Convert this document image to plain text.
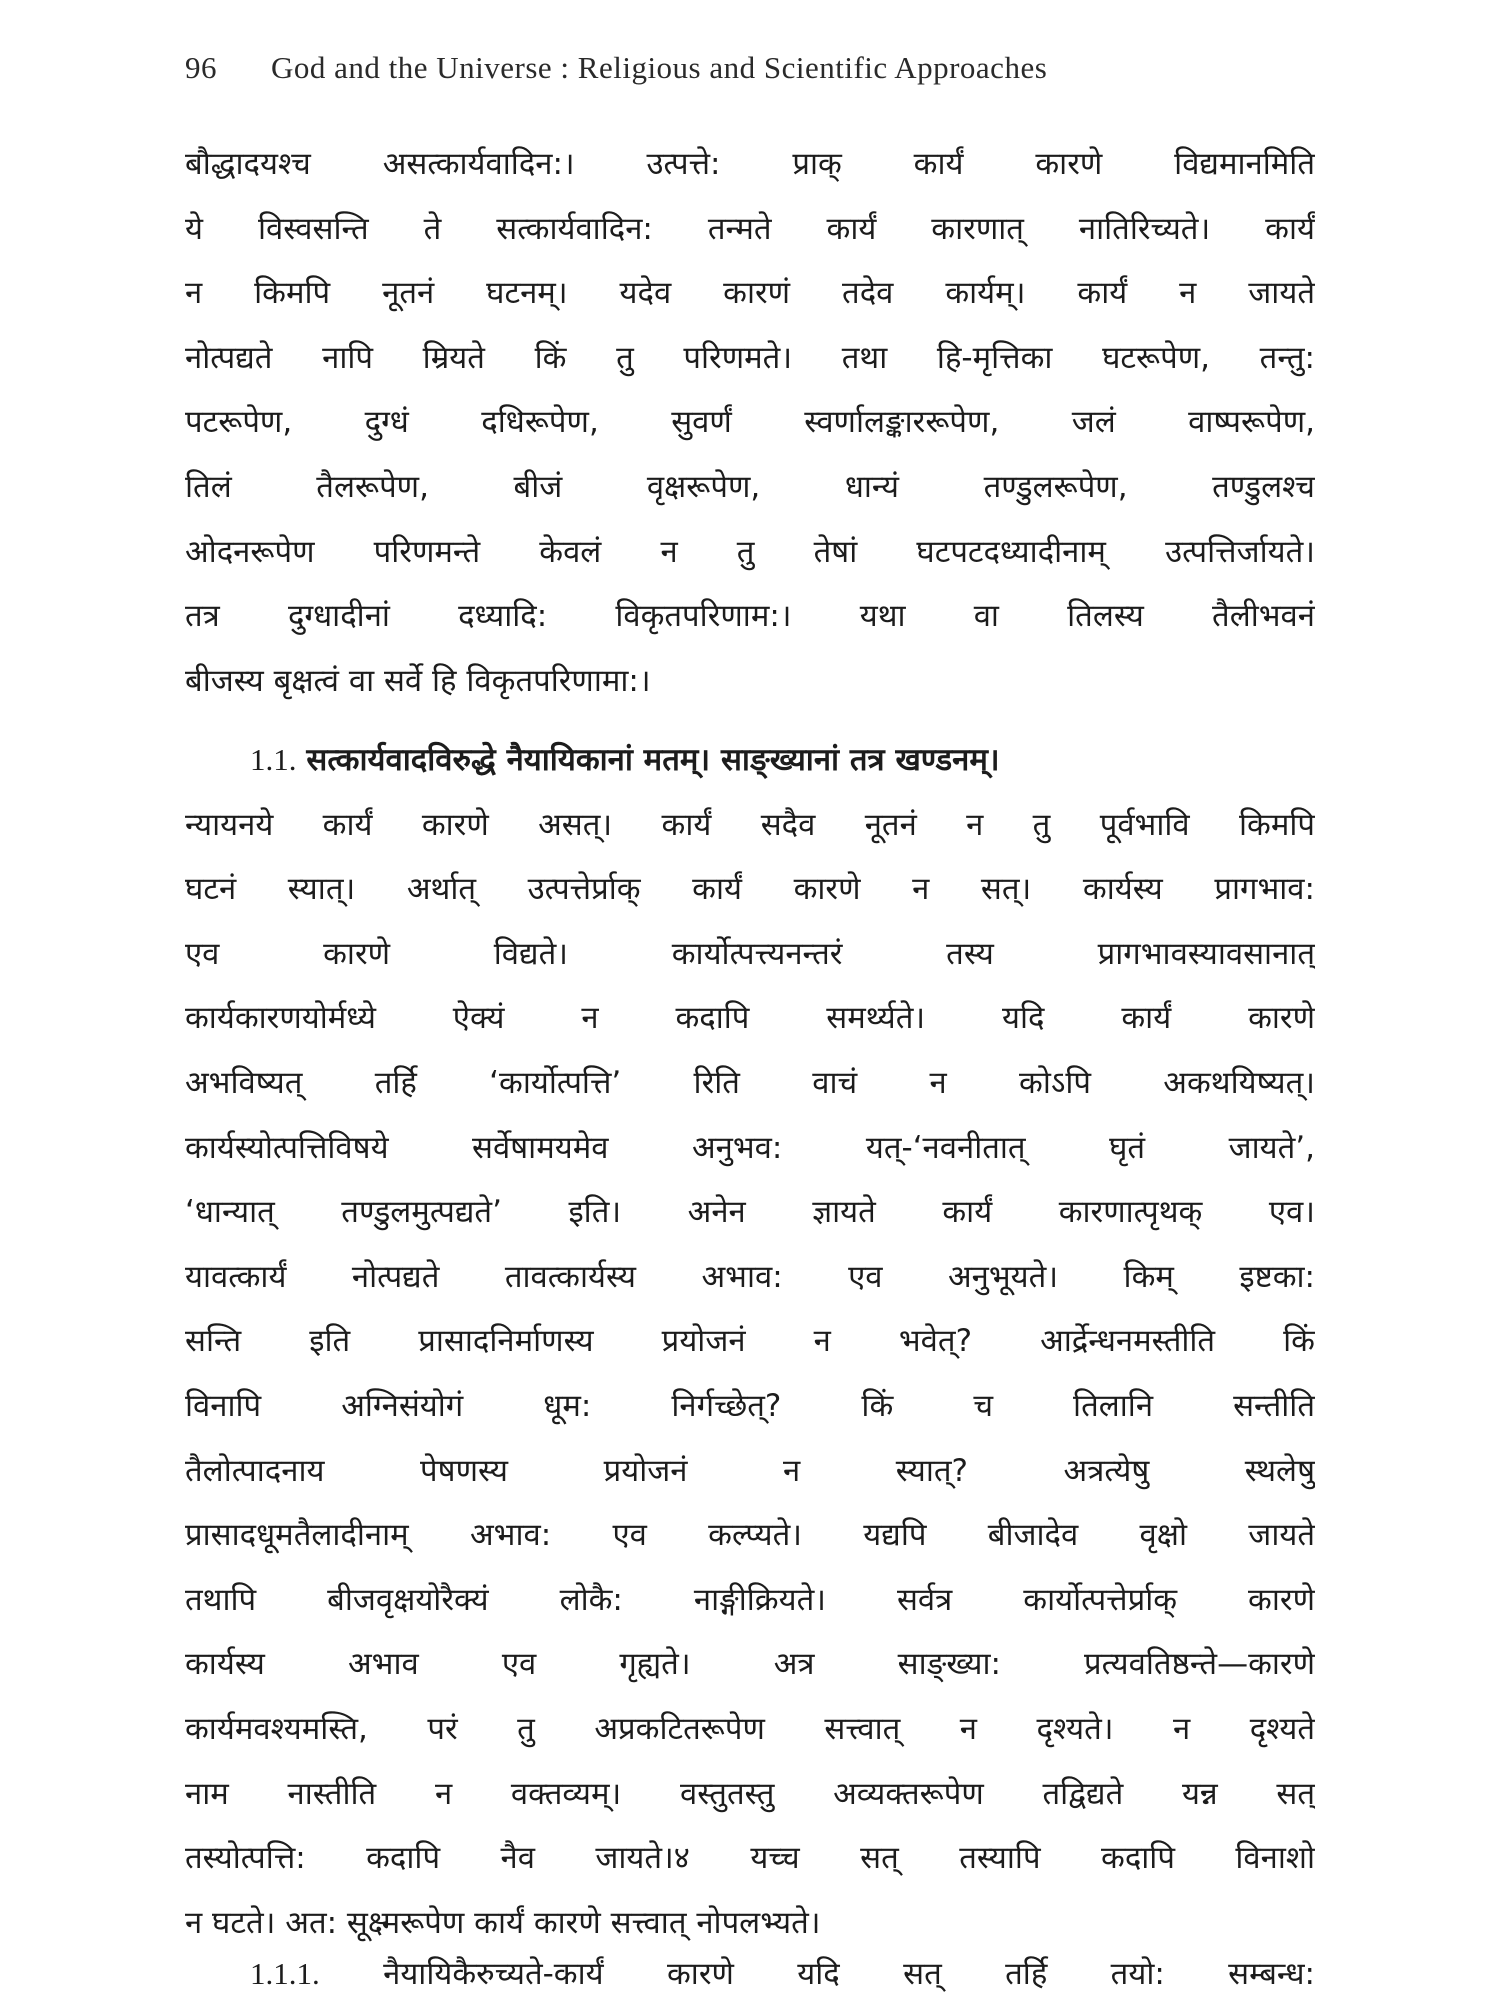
96 God and the Universe : Religious and Scientific Approaches
बौद्धादयश्च असत्कार्यवादिन:। उत्पत्ते: प्राक् कार्यं कारणे विद्यमानमिति
ये विस्वसन्ति ते सत्कार्यवादिन: तन्मते कार्यं कारणात् नातिरिच्यते। कार्यं
न किमपि नूतनं घटनम्। यदेव कारणं तदेव कार्यम्। कार्यं न जायते
नोत्पद्यते नापि म्रियते किं तु परिणमते। तथा हि-मृत्तिका घटरूपेण, तन्तु:
पटरूपेण, दुग्धं दधिरूपेण, सुवर्णं स्वर्णालङ्काररूपेण, जलं वाष्परूपेण,
तिलं तैलरूपेण, बीजं वृक्षरूपेण, धान्यं तण्डुलरूपेण, तण्डुलश्च
ओदनरूपेण परिणमन्ते केवलं न तु तेषां घटपटदध्यादीनाम् उत्पत्तिर्जायते।
तत्र दुग्धादीनां दध्यादि: विकृतपरिणाम:। यथा वा तिलस्य तैलीभवनं
बीजस्य बृक्षत्वं वा सर्वे हि विकृतपरिणामा:।
1.1. सत्कार्यवादविरुद्धे नैयायिकानां मतम्। साङ्ख्यानां तत्र खण्डनम्।
न्यायनये कार्यं कारणे असत्। कार्यं सदैव नूतनं न तु पूर्वभावि किमपि
घटनं स्यात्। अर्थात् उत्पत्तेर्प्राक् कार्यं कारणे न सत्। कार्यस्य प्रागभाव:
एव कारणे विद्यते। कार्योत्पत्त्यनन्तरं तस्य प्रागभावस्यावसानात्
कार्यकारणयोर्मध्ये ऐक्यं न कदापि समर्थ्यते। यदि कार्यं कारणे
अभविष्यत् तर्हि ‘कार्योत्पत्ति’ रिति वाचं न कोऽपि अकथयिष्यत्।
कार्यस्योत्पत्तिविषये सर्वेषामयमेव अनुभव: यत्-‘नवनीतात् घृतं जायते’,
‘धान्यात् तण्डुलमुत्पद्यते’ इति। अनेन ज्ञायते कार्यं कारणात्पृथक् एव।
यावत्कार्यं नोत्पद्यते तावत्कार्यस्य अभाव: एव अनुभूयते। किम् इष्टका:
सन्ति इति प्रासादनिर्माणस्य प्रयोजनं न भवेत्? आर्द्रेन्धनमस्तीति किं
विनापि अग्निसंयोगं धूम: निर्गच्छेत्? किं च तिलानि सन्तीति
तैलोत्पादनाय पेषणस्य प्रयोजनं न स्यात्? अत्रत्येषु स्थलेषु
प्रासादधूमतैलादीनाम् अभाव: एव कल्प्यते। यद्यपि बीजादेव वृक्षो जायते
तथापि बीजवृक्षयोरैक्यं लोकै: नाङ्गीक्रियते। सर्वत्र कार्योत्पत्तेर्प्राक् कारणे
कार्यस्य अभाव एव गृह्यते। अत्र साङ्ख्या: प्रत्यवतिष्ठन्ते—कारणे
कार्यमवश्यमस्ति, परं तु अप्रकटितरूपेण सत्त्वात् न दृश्यते। न दृश्यते
नाम नास्तीति न वक्तव्यम्। वस्तुतस्तु अव्यक्तरूपेण तद्विद्यते यन्न सत्
तस्योत्पत्ति: कदापि नैव जायते।४ यच्च सत् तस्यापि कदापि विनाशो
न घटते। अत: सूक्ष्मरूपेण कार्यं कारणे सत्त्वात् नोपलभ्यते।
1.1.1. नैयायिकैरुच्यते-कार्यं कारणे यदि सत् तर्हि तयो: सम्बन्ध:
